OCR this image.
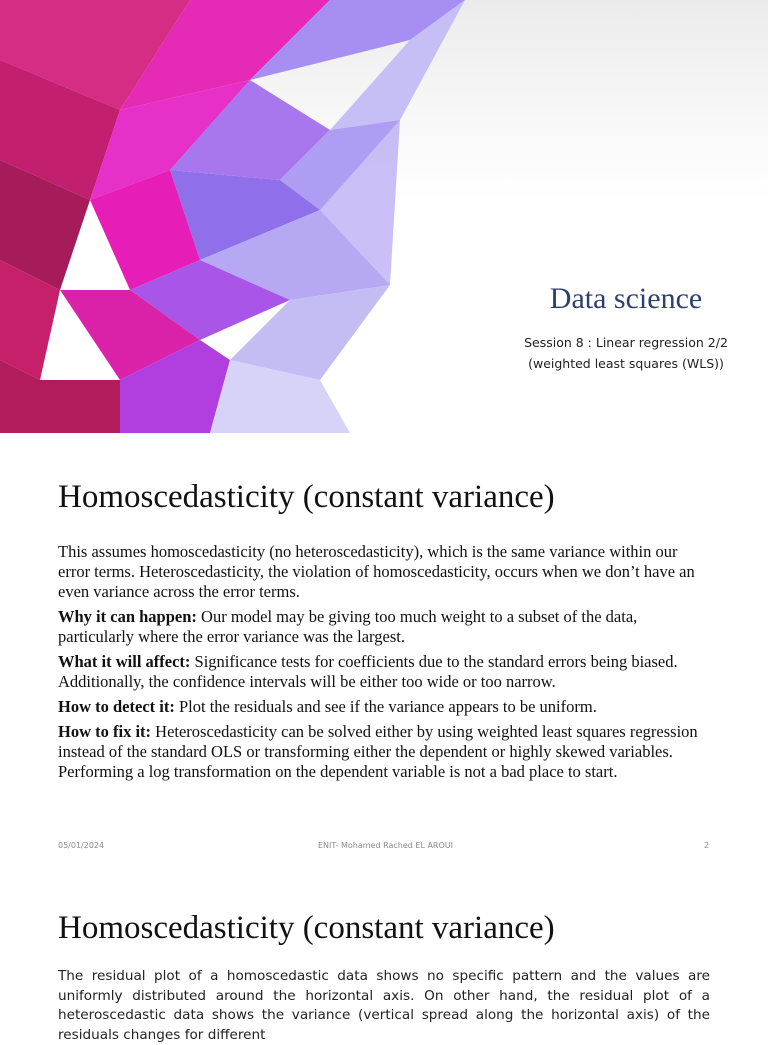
Data science
Session 8 : Linear regression 2/2
(weighted least squares (WLS))
Homoscedasticity (constant variance)

This assumes homoscedasticity (no heteroscedasticity), which is the same variance within our error terms. Heteroscedasticity, the violation of homoscedasticity, occurs when we don’t have an even variance across the error terms.

Why it can happen: Our model may be giving too much weight to a subset of the data, particularly where the error variance was the largest.

What it will affect: Significance tests for coefficients due to the standard errors being biased. Additionally, the confidence intervals will be either too wide or too narrow.

How to detect it: Plot the residuals and see if the variance appears to be uniform.

How to fix it: Heteroscedasticity can be solved either by using weighted least squares regression instead of the standard OLS or transforming either the dependent or highly skewed variables. Performing a log transformation on the dependent variable is not a bad place to start.

05/01/2024	ENIT- Mohamed Rached EL AROUI	2
Homoscedasticity (constant variance)
The residual plot of a homoscedastic data shows no specific pattern and the values are uniformly distributed around the horizontal axis. On other hand, the residual plot of a heteroscedastic data shows the variance (vertical spread along the horizontal axis) of the residuals changes for different
